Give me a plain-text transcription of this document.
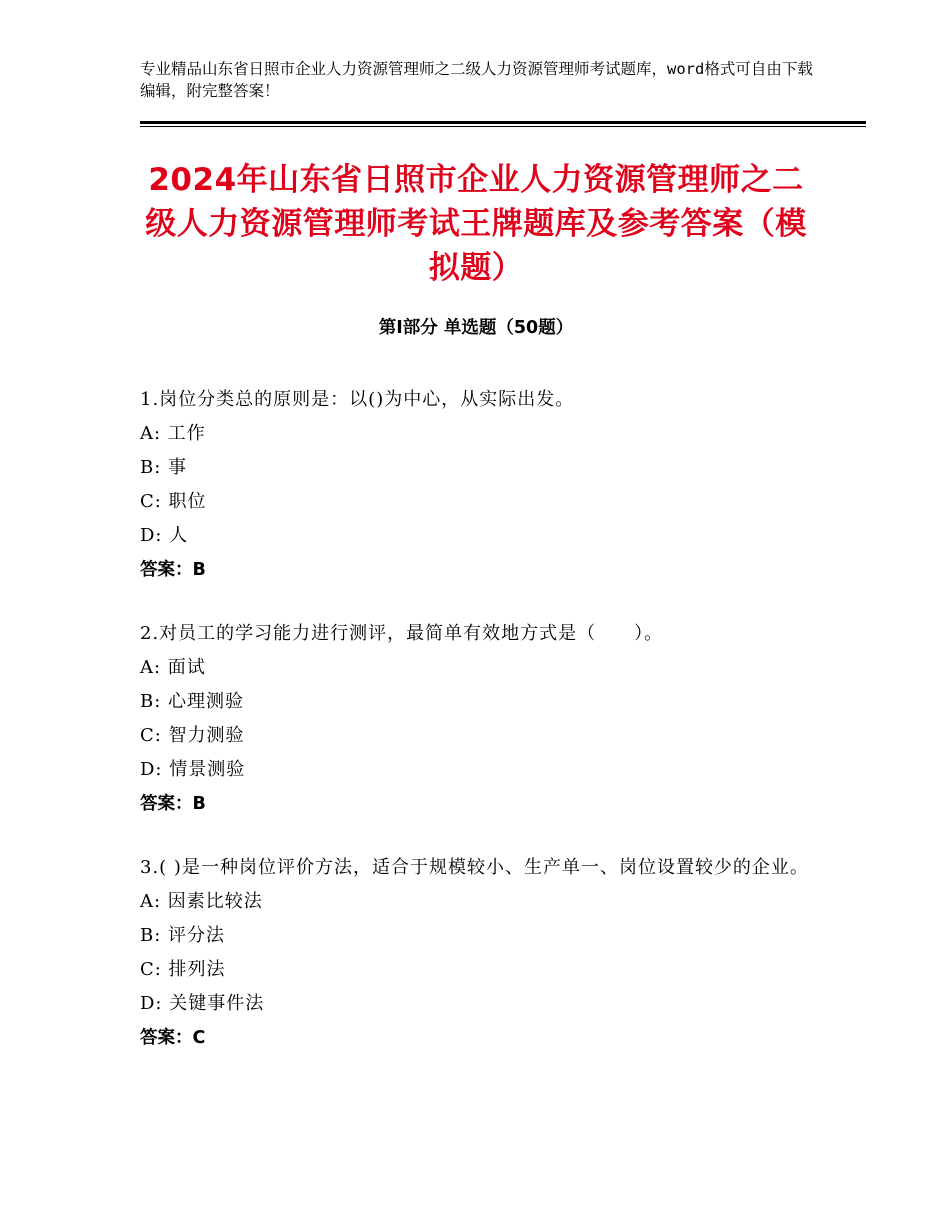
专业精品山东省日照市企业人力资源管理师之二级人力资源管理师考试题库，word格式可自由下载编辑，附完整答案！
2024年山东省日照市企业人力资源管理师之二级人力资源管理师考试王牌题库及参考答案（模拟题）
第Ⅰ部分 单选题（50题）
1.岗位分类总的原则是：以()为中心，从实际出发。
A: 工作
B: 事
C: 职位
D: 人
答案：B
2.对员工的学习能力进行测评，最简单有效地方式是（　　）。
A: 面试
B: 心理测验
C: 智力测验
D: 情景测验
答案：B
3.( )是一种岗位评价方法，适合于规模较小、生产单一、岗位设置较少的企业。
A: 因素比较法
B: 评分法
C: 排列法
D: 关键事件法
答案：C
